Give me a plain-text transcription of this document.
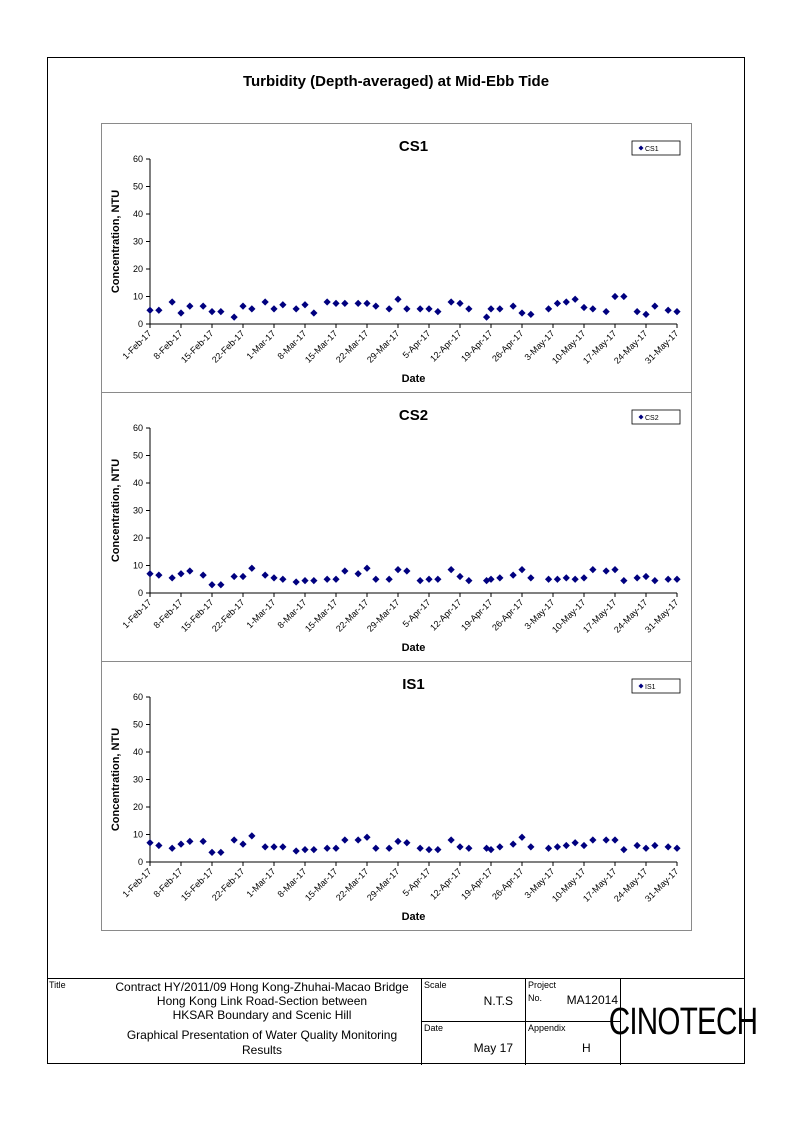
Turbidity (Depth-averaged) at Mid-Ebb Tide
CS1
0
10
20
30
40
50
60
1-Feb-17
8-Feb-17
15-Feb-17
22-Feb-17
1-Mar-17
8-Mar-17
15-Mar-17
22-Mar-17
29-Mar-17 5-Apr-17
12-Apr-17
19-Apr-17
26-Apr-17
3-May-17
10-May-17
17-May-17
24-May-17
31-May-17
Date
Concentration, NTU
CS1
CS2
0
10
20
30
40
50
60
1-Feb-17
8-Feb-17
15-Feb-17
22-Feb-17
1-Mar-17
8-Mar-17
15-Mar-17
22-Mar-17
29-Mar-17 5-Apr-17
12-Apr-17
19-Apr-17
26-Apr-17
3-May-17
10-May-17
17-May-17
24-May-17
31-May-17
Date
Concentration, NTU
CS2
IS1
0
10
20
30
40
50
60
1-Feb-17
8-Feb-17
15-Feb-17
22-Feb-17
1-Mar-17
8-Mar-17
15-Mar-17
22-Mar-17
29-Mar-17 5-Apr-17
12-Apr-17
19-Apr-17
26-Apr-17
3-May-17
10-May-17
17-May-17
24-May-17
31-May-17
Date
Concentration, NTU
IS1
Title	Contract HY/2011/09 Hong Kong-Zhuhai-Macao Bridge
Hong Kong Link Road-Section between
HKSAR Boundary and Scenic Hill
Graphical Presentation of Water Quality Monitoring
Results
Scale
N.T.S
Date
May 17
Project
No. MA12014
Appendix
H
CINOTECH
